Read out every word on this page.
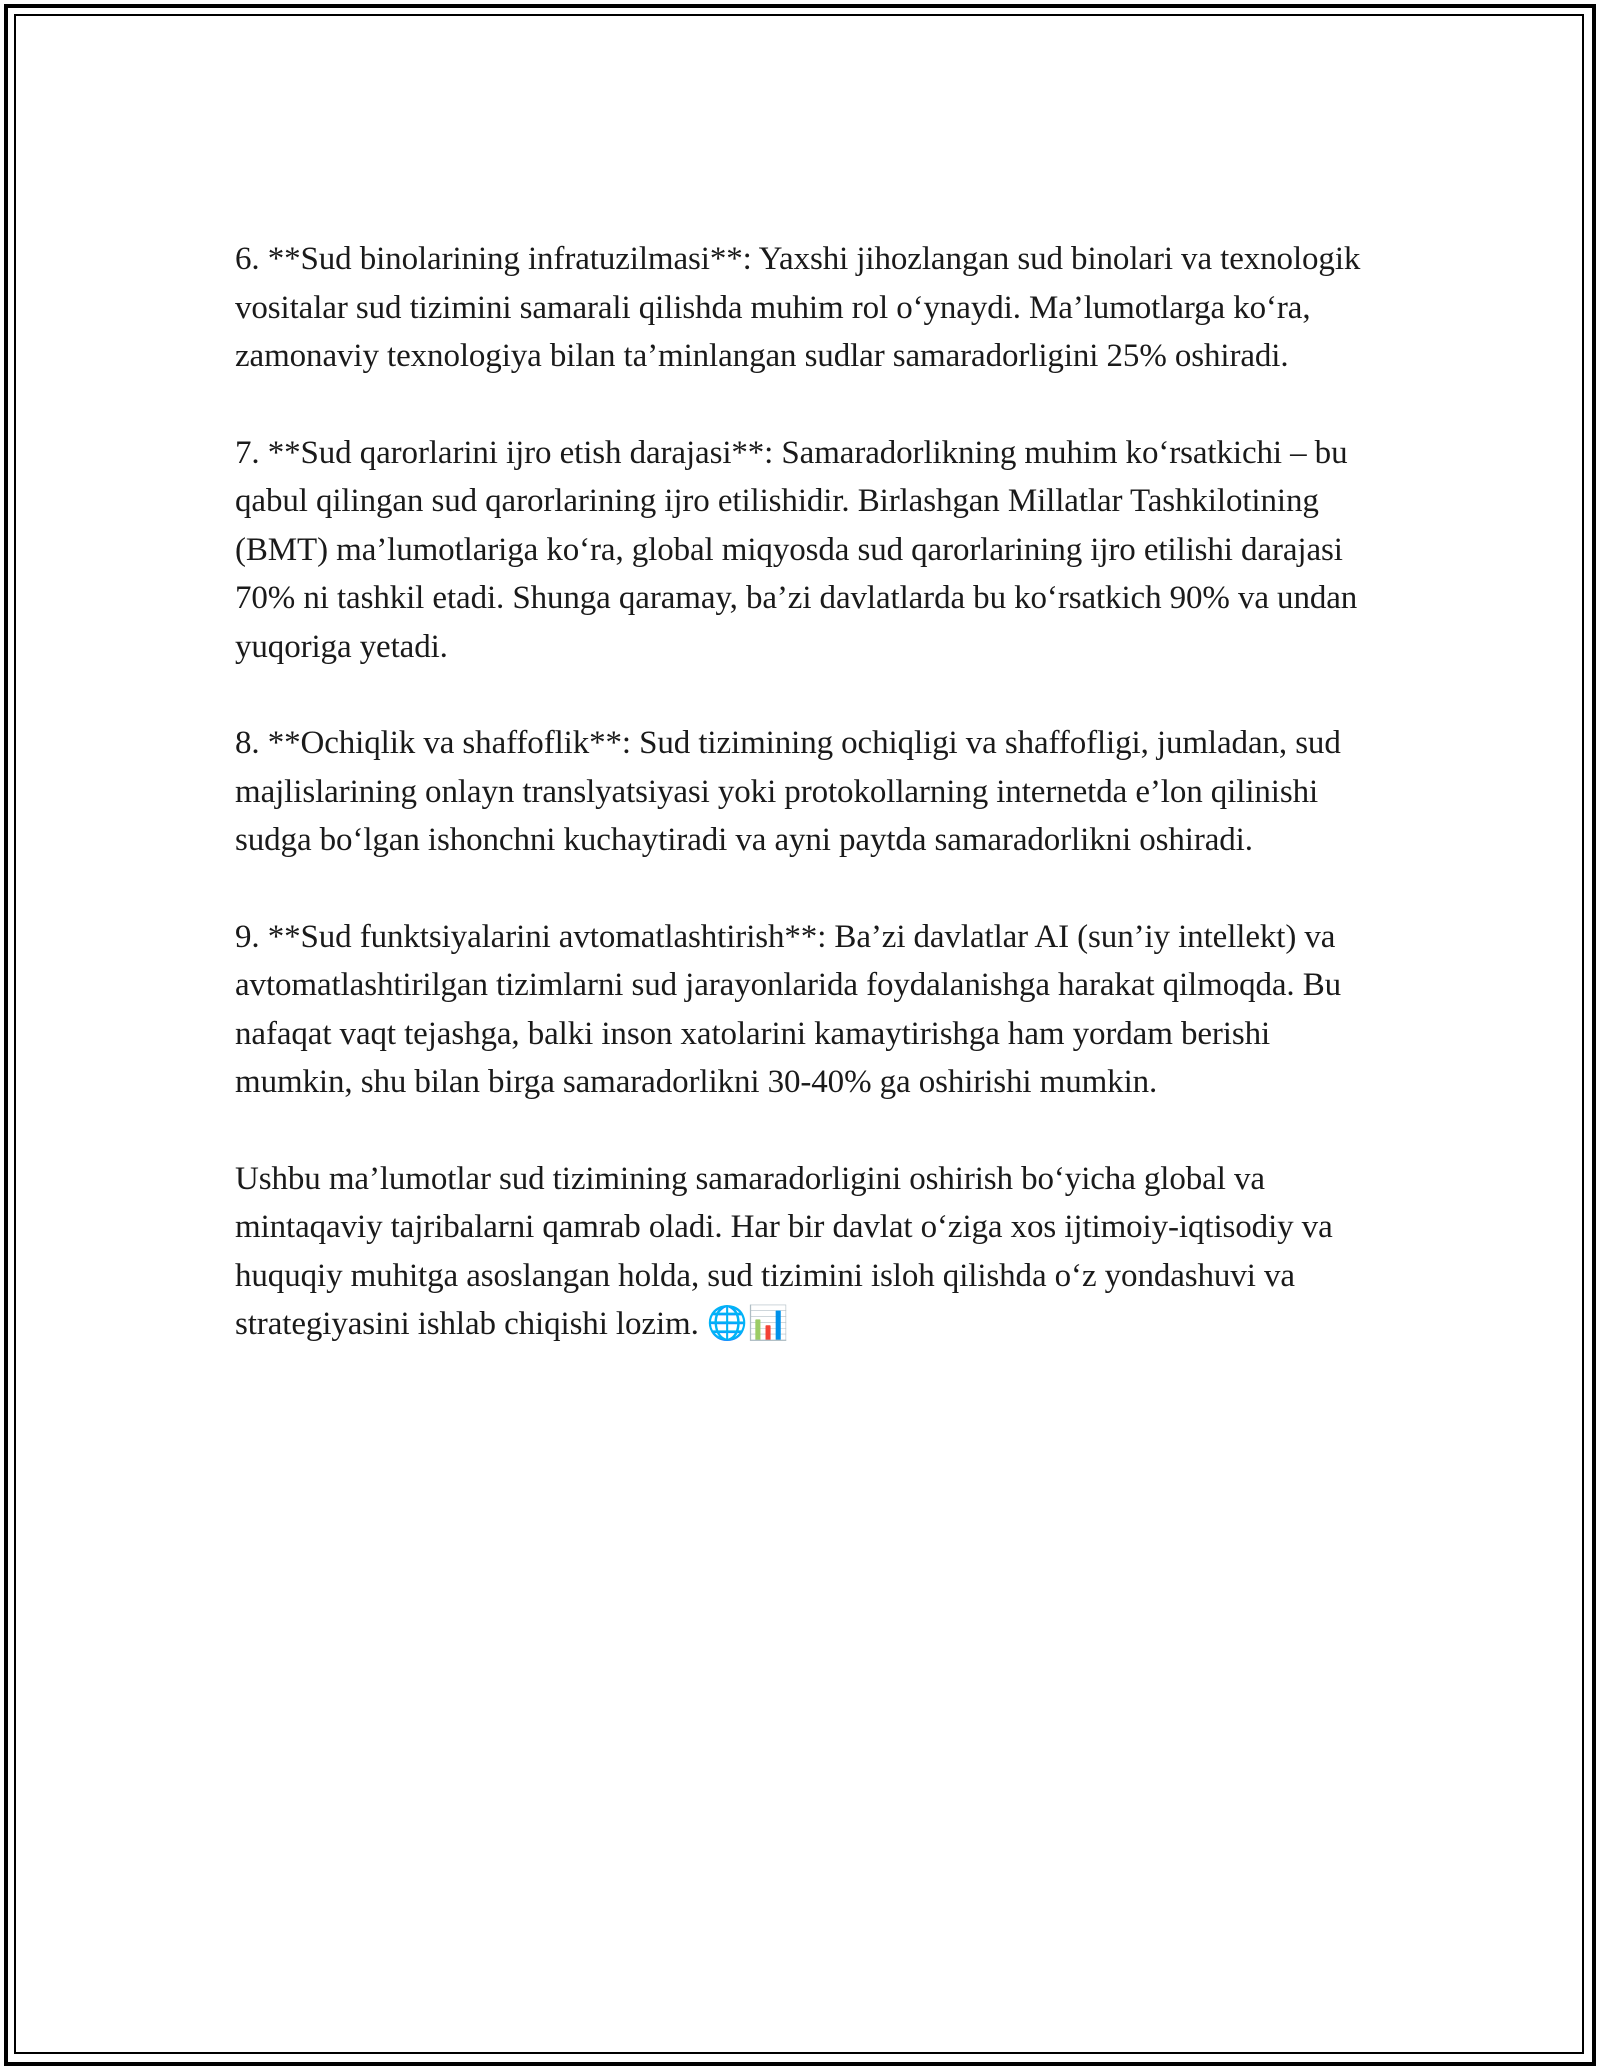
6. **Sud binolarining infratuzilmasi**: Yaxshi jihozlangan sud binolari va texnologik vositalar sud tizimini samarali qilishda muhim rol o‘ynaydi. Ma’lumotlarga ko‘ra, zamonaviy texnologiya bilan ta’minlangan sudlar samaradorligini 25% oshiradi.

7. **Sud qarorlarini ijro etish darajasi**: Samaradorlikning muhim ko‘rsatkichi – bu qabul qilingan sud qarorlarining ijro etilishidir. Birlashgan Millatlar Tashkilotining (BMT) ma’lumotlariga ko‘ra, global miqyosda sud qarorlarining ijro etilishi darajasi 70% ni tashkil etadi. Shunga qaramay, ba’zi davlatlarda bu ko‘rsatkich 90% va undan yuqoriga yetadi.

8. **Ochiqlik va shaffoflik**: Sud tizimining ochiqligi va shaffofligi, jumladan, sud majlislarining onlayn translyatsiyasi yoki protokollarning internetda e’lon qilinishi sudga bo‘lgan ishonchni kuchaytiradi va ayni paytda samaradorlikni oshiradi.

9. **Sud funktsiyalarini avtomatlashtirish**: Ba’zi davlatlar AI (sun’iy intellekt) va avtomatlashtirilgan tizimlarni sud jarayonlarida foydalanishga harakat qilmoqda. Bu nafaqat vaqt tejashga, balki inson xatolarini kamaytirishga ham yordam berishi mumkin, shu bilan birga samaradorlikni 30-40% ga oshirishi mumkin.

Ushbu ma’lumotlar sud tizimining samaradorligini oshirish bo‘yicha global va mintaqaviy tajribalarni qamrab oladi. Har bir davlat o‘ziga xos ijtimoiy-iqtisodiy va huquqiy muhitga asoslangan holda, sud tizimini isloh qilishda o‘z yondashuvi va strategiyasini ishlab chiqishi lozim. 🌐📊
